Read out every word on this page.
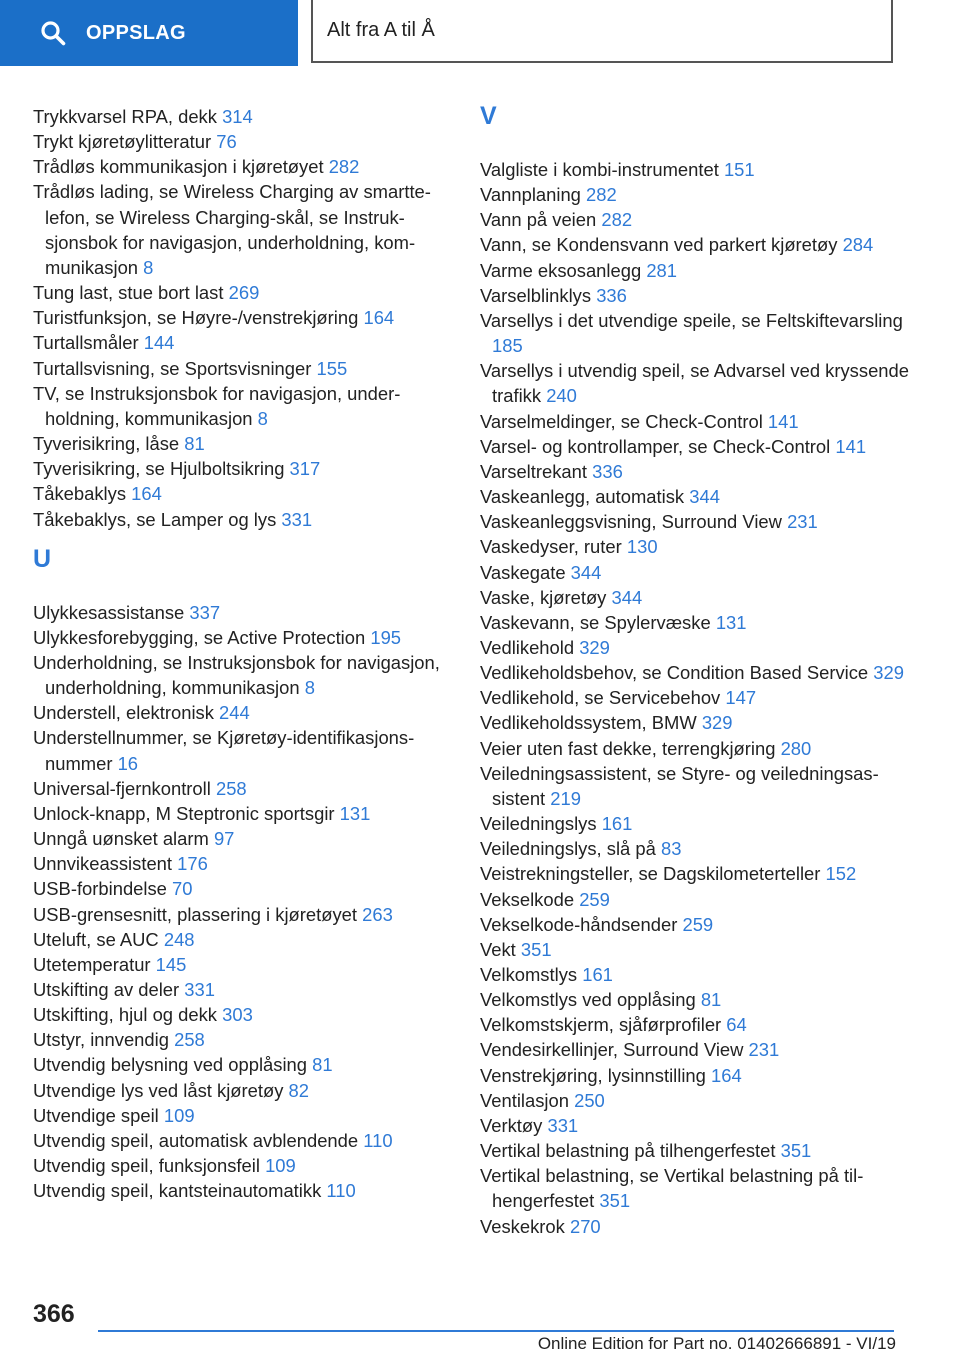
OPPSLAG	Alt fra A til Å
Trykkvarsel RPA, dekk 314
Trykt kjøretøylitteratur 76
Trådløs kommunikasjon i kjøretøyet 282
Trådløs lading, se Wireless Charging av smarttelefon, se Wireless Charging-skål, se Instruksjonsbok for navigasjon, underholdning, kommunikasjon 8
Tung last, stue bort last 269
Turistfunksjon, se Høyre-/venstrekjøring 164
Turtallsmåler 144
Turtallsvisning, se Sportsvisninger 155
TV, se Instruksjonsbok for navigasjon, underholdning, kommunikasjon 8
Tyverisikring, låse 81
Tyverisikring, se Hjulboltsikring 317
Tåkebaklys 164
Tåkebaklys, se Lamper og lys 331
U
Ulykkesassistanse 337
Ulykkesforebygging, se Active Protection 195
Underholdning, se Instruksjonsbok for navigasjon, underholdning, kommunikasjon 8
Understell, elektronisk 244
Understellnummer, se Kjøretøy-identifikasjonsnummer 16
Universal-fjernkontroll 258
Unlock-knapp, M Steptronic sportsgir 131
Unngå uønsket alarm 97
Unnvikeassistent 176
USB-forbindelse 70
USB-grensesnitt, plassering i kjøretøyet 263
Uteluft, se AUC 248
Utetemperatur 145
Utskifting av deler 331
Utskifting, hjul og dekk 303
Utstyr, innvendig 258
Utvendig belysning ved opplåsing 81
Utvendige lys ved låst kjøretøy 82
Utvendige speil 109
Utvendig speil, automatisk avblendende 110
Utvendig speil, funksjonsfeil 109
Utvendig speil, kantsteinautomatikk 110
V
Valgliste i kombi-instrumentet 151
Vannplaning 282
Vann på veien 282
Vann, se Kondensvann ved parkert kjøretøy 284
Varme eksosanlegg 281
Varselblinklys 336
Varsellys i det utvendige speile, se Feltskiftevarsling 185
Varsellys i utvendig speil, se Advarsel ved kryssende trafikk 240
Varselmeldinger, se Check-Control 141
Varsel- og kontrollamper, se Check-Control 141
Varseltrekant 336
Vaskeanlegg, automatisk 344
Vaskeanleggsvisning, Surround View 231
Vaskedyser, ruter 130
Vaskegate 344
Vaske, kjøretøy 344
Vaskevann, se Spylervæske 131
Vedlikehold 329
Vedlikeholdsbehov, se Condition Based Service 329
Vedlikehold, se Servicebehov 147
Vedlikeholdssystem, BMW 329
Veier uten fast dekke, terrengkjøring 280
Veiledningsassistent, se Styre- og veiledningsassistent 219
Veiledningslys 161
Veiledningslys, slå på 83
Veistrekningsteller, se Dagskilometerteller 152
Vekselkode 259
Vekselkode-håndsender 259
Vekt 351
Velkomstlys 161
Velkomstlys ved opplåsing 81
Velkomstskjerm, sjåførprofiler 64
Vendesirkellinjer, Surround View 231
Venstrekjøring, lysinnstilling 164
Ventilasjon 250
Verktøy 331
Vertikal belastning på tilhengerfestet 351
Vertikal belastning, se Vertikal belastning på tilhengerfestet 351
Veskekrok 270
366
Online Edition for Part no. 01402666891 - VI/19
